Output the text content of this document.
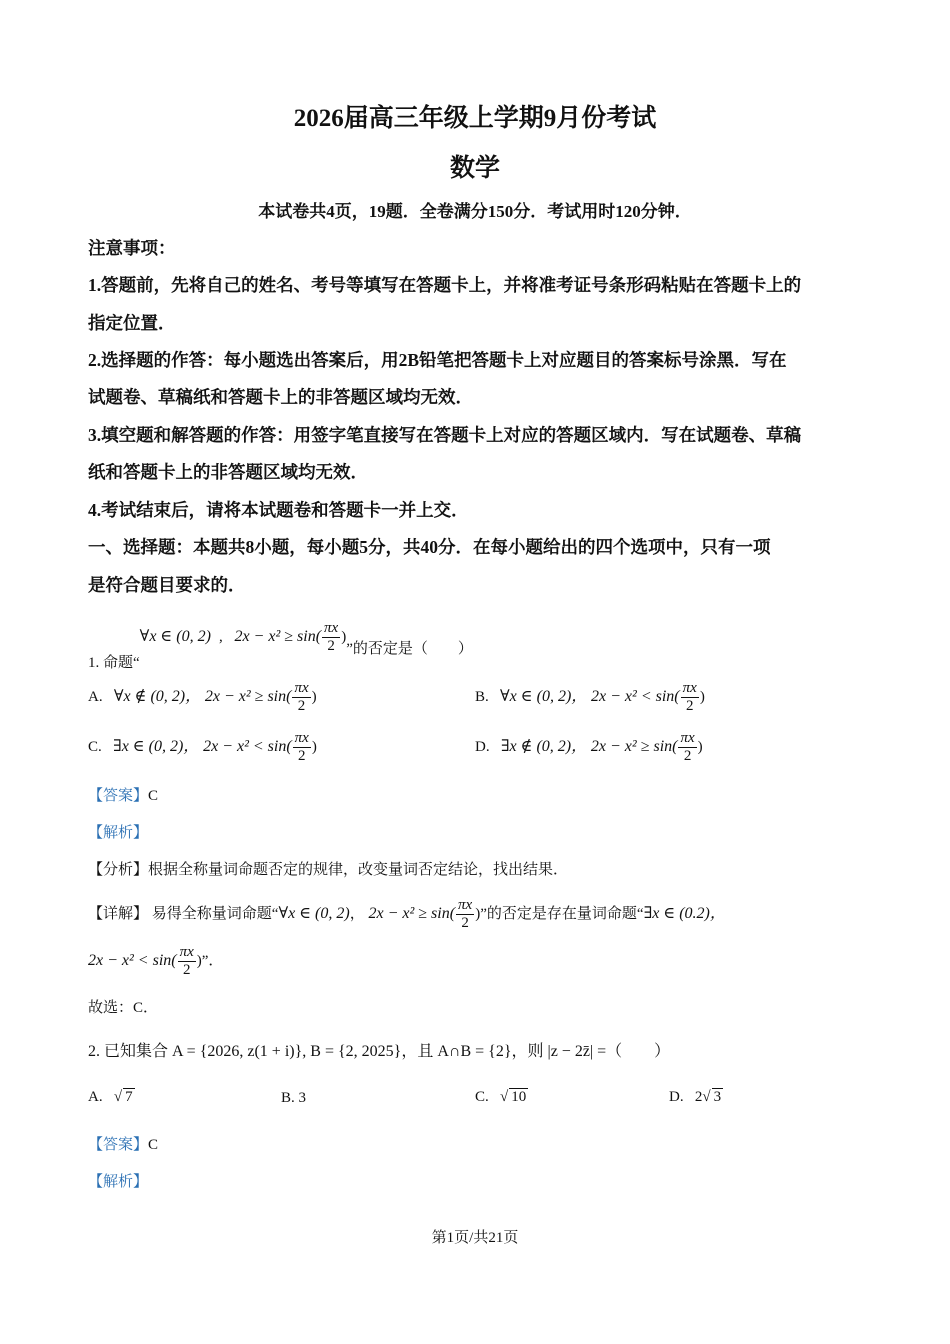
2026届高三年级上学期9月份考试
数学
本试卷共4页，19题．全卷满分150分．考试用时120分钟．
注意事项：
1.答题前，先将自己的姓名、考号等填写在答题卡上，并将准考证号条形码粘贴在答题卡上的
指定位置．
2.选择题的作答：每小题选出答案后，用2B铅笔把答题卡上对应题目的答案标号涂黑．写在
试题卷、草稿纸和答题卡上的非答题区域均无效．
3.填空题和解答题的作答：用签字笔直接写在答题卡上对应的答题区域内．写在试题卷、草稿
纸和答题卡上的非答题区域均无效．
4.考试结束后，请将本试题卷和答题卡一并上交．
一、选择题：本题共8小题，每小题5分，共40分．在每小题给出的四个选项中，只有一项
是符合题目要求的．
1. 命题“∀x ∈ (0, 2) , $2x - x^2 \ge \sin( \frac{\pi x}{2}$ )”的否定是（　　）
A. ∀x ∉ (0, 2)， $2x - x^2 \ge \sin( \frac{\pi x}{2}$ )	B. ∀x ∈ (0, 2)， $2x - x^2 < \sin( \frac{\pi x}{2}$ )
C. ∃x ∈ (0, 2)， $2x - x^2 < \sin( \frac{\pi x}{2}$ )	D. ∃x ∉ (0, 2)， $2x - x^2 \ge \sin( \frac{\pi x}{2}$ )
【答案】C
【解析】
【分析】根据全称量词命题否定的规律，改变量词否定结论，找出结果．
【详解】 易得全称量词命题“∀x ∈ (0, 2)， $2x - x^2 \ge \sin( \frac{\pi x}{2}$ )”的否定是存在量词命题“∃x ∈ (0.2)，
$2x - x^2 < \sin( \frac{\pi x}{2}$ )”．
故选：C．
2. 已知集合 A = {2026, z(1 + i)}, B = {2, 2025}，且 A∩B = {2}，则 |z − 2z̄| =（　　）
A.   √ 7	B. 3	C.   √ 10	D. 2√ 3
【答案】C
【解析】
第1页/共21页
